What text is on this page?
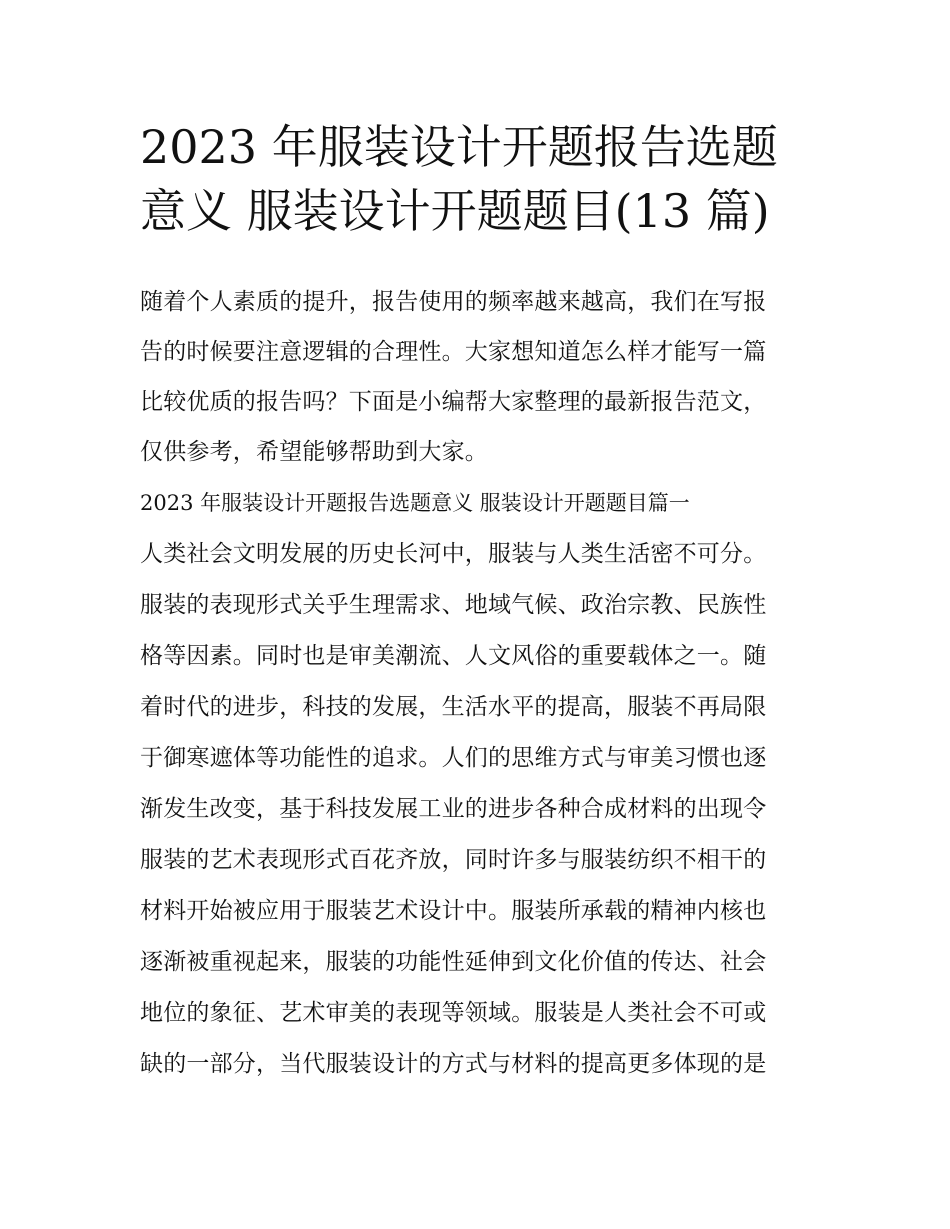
2023 年服装设计开题报告选题
意义 服装设计开题题目(13 篇)

随着个人素质的提升，报告使用的频率越来越高，我们在写报

告的时候要注意逻辑的合理性。大家想知道怎么样才能写一篇

比较优质的报告吗？下面是小编帮大家整理的最新报告范文，

仅供参考，希望能够帮助到大家。

2023 年服装设计开题报告选题意义 服装设计开题题目篇一

人类社会文明发展的历史长河中，服装与人类生活密不可分。

服装的表现形式关乎生理需求、地域气候、政治宗教、民族性

格等因素。同时也是审美潮流、人文风俗的重要载体之一。随

着时代的进步，科技的发展，生活水平的提高，服装不再局限

于御寒遮体等功能性的追求。人们的思维方式与审美习惯也逐

渐发生改变，基于科技发展工业的进步各种合成材料的出现令

服装的艺术表现形式百花齐放，同时许多与服装纺织不相干的

材料开始被应用于服装艺术设计中。服装所承载的精神内核也

逐渐被重视起来，服装的功能性延伸到文化价值的传达、社会

地位的象征、艺术审美的表现等领域。服装是人类社会不可或

缺的一部分，当代服装设计的方式与材料的提高更多体现的是
